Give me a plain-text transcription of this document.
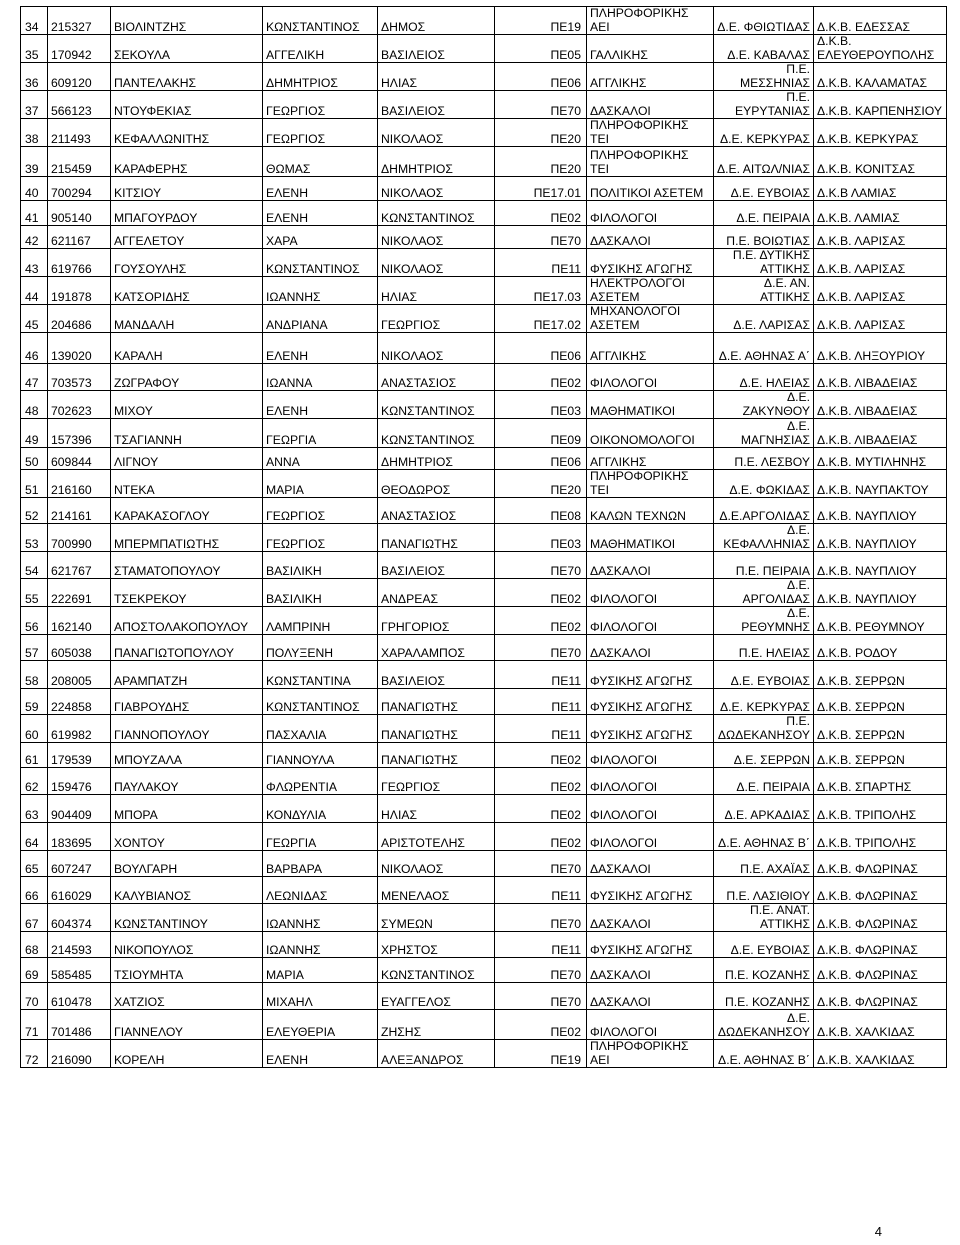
34	215327	ΒΙΟΛΙΝΤΖΗΣ	ΚΩΝΣΤΑΝΤΙΝΟΣ	ΔΗΜΟΣ	ΠΕ19	ΠΛΗΡΟΦΟΡΙΚΗΣ ΑΕΙ	Δ.Ε. ΦΘΙΩΤΙΔΑΣ	Δ.Κ.Β. ΕΔΕΣΣΑΣ
35	170942	ΣΕΚΟΥΛΑ	ΑΓΓΕΛΙΚΗ	ΒΑΣΙΛΕΙΟΣ	ΠΕ05	ΓΑΛΛΙΚΗΣ	Δ.Ε. ΚΑΒΑΛΑΣ	Δ.Κ.Β. ΕΛΕΥΘΕΡΟΥΠΟΛΗΣ
36	609120	ΠΑΝΤΕΛΑΚΗΣ	ΔΗΜΗΤΡΙΟΣ	ΗΛΙΑΣ	ΠΕ06	ΑΓΓΛΙΚΗΣ	Π.Ε. ΜΕΣΣΗΝΙΑΣ	Δ.Κ.Β. ΚΑΛΑΜΑΤΑΣ
37	566123	ΝΤΟΥΦΕΚΙΑΣ	ΓΕΩΡΓΙΟΣ	ΒΑΣΙΛΕΙΟΣ	ΠΕ70	ΔΑΣΚΑΛΟΙ	Π.Ε. ΕΥΡΥΤΑΝΙΑΣ	Δ.Κ.Β. ΚΑΡΠΕΝΗΣΙΟΥ
38	211493	ΚΕΦΑΛΛΩΝΙΤΗΣ	ΓΕΩΡΓΙΟΣ	ΝΙΚΟΛΑΟΣ	ΠΕ20	ΠΛΗΡΟΦΟΡΙΚΗΣ ΤΕΙ	Δ.Ε. ΚΕΡΚΥΡΑΣ	Δ.Κ.Β. ΚΕΡΚΥΡΑΣ
39	215459	ΚΑΡΑΦΕΡΗΣ	ΘΩΜΑΣ	ΔΗΜΗΤΡΙΟΣ	ΠΕ20	ΠΛΗΡΟΦΟΡΙΚΗΣ ΤΕΙ	Δ.Ε. ΑΙΤΩΛ/ΝΙΑΣ	Δ.Κ.Β. ΚΟΝΙΤΣΑΣ
40	700294	ΚΙΤΣΙΟΥ	ΕΛΕΝΗ	ΝΙΚΟΛΑΟΣ	ΠΕ17.01	ΠΟΛΙΤΙΚΟΙ ΑΣΕΤΕΜ	Δ.Ε. ΕΥΒΟΙΑΣ	Δ.Κ.Β ΛΑΜΙΑΣ
41	905140	ΜΠΑΓΟΥΡΔΟΥ	ΕΛΕΝΗ	ΚΩΝΣΤΑΝΤΙΝΟΣ	ΠΕ02	ΦΙΛΟΛΟΓΟΙ	Δ.Ε. ΠΕΙΡΑΙΑ	Δ.Κ.Β. ΛΑΜΙΑΣ
42	621167	ΑΓΓΕΛΕΤΟΥ	ΧΑΡΑ	ΝΙΚΟΛΑΟΣ	ΠΕ70	ΔΑΣΚΑΛΟΙ	Π.Ε. ΒΟΙΩΤΙΑΣ	Δ.Κ.Β. ΛΑΡΙΣΑΣ
43	619766	ΓΟΥΣΟΥΛΗΣ	ΚΩΝΣΤΑΝΤΙΝΟΣ	ΝΙΚΟΛΑΟΣ	ΠΕ11	ΦΥΣΙΚΗΣ ΑΓΩΓΗΣ	Π.Ε. ΔΥΤΙΚΗΣ ΑΤΤΙΚΗΣ	Δ.Κ.Β. ΛΑΡΙΣΑΣ
44	191878	ΚΑΤΣΟΡΙΔΗΣ	ΙΩΑΝΝΗΣ	ΗΛΙΑΣ	ΠΕ17.03	ΗΛΕΚΤΡΟΛΟΓΟΙ ΑΣΕΤΕΜ	Δ.Ε. ΑΝ. ΑΤΤΙΚΗΣ	Δ.Κ.Β. ΛΑΡΙΣΑΣ
45	204686	ΜΑΝΔΑΛΗ	ΑΝΔΡΙΑΝΑ	ΓΕΩΡΓΙΟΣ	ΠΕ17.02	ΜΗΧΑΝΟΛΟΓΟΙ ΑΣΕΤΕΜ	Δ.Ε. ΛΑΡΙΣΑΣ	Δ.Κ.Β. ΛΑΡΙΣΑΣ
46	139020	ΚΑΡΑΛΗ	ΕΛΕΝΗ	ΝΙΚΟΛΑΟΣ	ΠΕ06	ΑΓΓΛΙΚΗΣ	Δ.Ε. ΑΘΗΝΑΣ Α΄	Δ.Κ.Β. ΛΗΞΟΥΡΙΟΥ
47	703573	ΖΩΓΡΑΦΟΥ	ΙΩΑΝΝΑ	ΑΝΑΣΤΑΣΙΟΣ	ΠΕ02	ΦΙΛΟΛΟΓΟΙ	Δ.Ε. ΗΛΕΙΑΣ	Δ.Κ.Β. ΛΙΒΑΔΕΙΑΣ
48	702623	ΜΙΧΟΥ	ΕΛΕΝΗ	ΚΩΝΣΤΑΝΤΙΝΟΣ	ΠΕ03	ΜΑΘΗΜΑΤΙΚΟΙ	Δ.Ε. ΖΑΚΥΝΘΟΥ	Δ.Κ.Β. ΛΙΒΑΔΕΙΑΣ
49	157396	ΤΣΑΓΙΑΝΝΗ	ΓΕΩΡΓΙΑ	ΚΩΝΣΤΑΝΤΙΝΟΣ	ΠΕ09	ΟΙΚΟΝΟΜΟΛΟΓΟΙ	Δ.Ε. ΜΑΓΝΗΣΙΑΣ	Δ.Κ.Β. ΛΙΒΑΔΕΙΑΣ
50	609844	ΛΙΓΝΟΥ	ΑΝΝΑ	ΔΗΜΗΤΡΙΟΣ	ΠΕ06	ΑΓΓΛΙΚΗΣ	Π.Ε. ΛΕΣΒΟΥ	Δ.Κ.Β. ΜΥΤΙΛΗΝΗΣ
51	216160	ΝΤΕΚΑ	ΜΑΡΙΑ	ΘΕΟΔΩΡΟΣ	ΠΕ20	ΠΛΗΡΟΦΟΡΙΚΗΣ ΤΕΙ	Δ.Ε. ΦΩΚΙΔΑΣ	Δ.Κ.Β. ΝΑΥΠΑΚΤΟΥ
52	214161	ΚΑΡΑΚΑΣΟΓΛΟΥ	ΓΕΩΡΓΙΟΣ	ΑΝΑΣΤΑΣΙΟΣ	ΠΕ08	ΚΑΛΩΝ ΤΕΧΝΩΝ	Δ.Ε.ΑΡΓΟΛΙΔΑΣ	Δ.Κ.Β. ΝΑΥΠΛΙΟΥ
53	700990	ΜΠΕΡΜΠΑΤΙΩΤΗΣ	ΓΕΩΡΓΙΟΣ	ΠΑΝΑΓΙΩΤΗΣ	ΠΕ03	ΜΑΘΗΜΑΤΙΚΟΙ	Δ.Ε. ΚΕΦΑΛΛΗΝΙΑΣ	Δ.Κ.Β. ΝΑΥΠΛΙΟΥ
54	621767	ΣΤΑΜΑΤΟΠΟΥΛΟΥ	ΒΑΣΙΛΙΚΗ	ΒΑΣΙΛΕΙΟΣ	ΠΕ70	ΔΑΣΚΑΛΟΙ	Π.Ε. ΠΕΙΡΑΙΑ	Δ.Κ.Β. ΝΑΥΠΛΙΟΥ
55	222691	ΤΣΕΚΡΕΚΟΥ	ΒΑΣΙΛΙΚΗ	ΑΝΔΡΕΑΣ	ΠΕ02	ΦΙΛΟΛΟΓΟΙ	Δ.Ε. ΑΡΓΟΛΙΔΑΣ	Δ.Κ.Β. ΝΑΥΠΛΙΟΥ
56	162140	ΑΠΟΣΤΟΛΑΚΟΠΟΥΛΟΥ	ΛΑΜΠΡΙΝΗ	ΓΡΗΓΟΡΙΟΣ	ΠΕ02	ΦΙΛΟΛΟΓΟΙ	Δ.Ε. ΡΕΘΥΜΝΗΣ	Δ.Κ.Β. ΡΕΘΥΜΝΟΥ
57	605038	ΠΑΝΑΓΙΩΤΟΠΟΥΛΟΥ	ΠΟΛΥΞΕΝΗ	ΧΑΡΑΛΑΜΠΟΣ	ΠΕ70	ΔΑΣΚΑΛΟΙ	Π.Ε. ΗΛΕΙΑΣ	Δ.Κ.Β. ΡΟΔΟΥ
58	208005	ΑΡΑΜΠΑΤΖΗ	ΚΩΝΣΤΑΝΤΙΝΑ	ΒΑΣΙΛΕΙΟΣ	ΠΕ11	ΦΥΣΙΚΗΣ ΑΓΩΓΗΣ	Δ.Ε. ΕΥΒΟΙΑΣ	Δ.Κ.Β. ΣΕΡΡΩΝ
59	224858	ΓΙΑΒΡΟΥΔΗΣ	ΚΩΝΣΤΑΝΤΙΝΟΣ	ΠΑΝΑΓΙΩΤΗΣ	ΠΕ11	ΦΥΣΙΚΗΣ ΑΓΩΓΗΣ	Δ.Ε. ΚΕΡΚΥΡΑΣ	Δ.Κ.Β. ΣΕΡΡΩΝ
60	619982	ΓΙΑΝΝΟΠΟΥΛΟΥ	ΠΑΣΧΑΛΙΑ	ΠΑΝΑΓΙΩΤΗΣ	ΠΕ11	ΦΥΣΙΚΗΣ ΑΓΩΓΗΣ	Π.Ε. ΔΩΔΕΚΑΝΗΣΟΥ	Δ.Κ.Β. ΣΕΡΡΩΝ
61	179539	ΜΠΟΥΖΑΛΑ	ΓΙΑΝΝΟΥΛΑ	ΠΑΝΑΓΙΩΤΗΣ	ΠΕ02	ΦΙΛΟΛΟΓΟΙ	Δ.Ε. ΣΕΡΡΩΝ	Δ.Κ.Β. ΣΕΡΡΩΝ
62	159476	ΠΑΥΛΑΚΟΥ	ΦΛΩΡΕΝΤΙΑ	ΓΕΩΡΓΙΟΣ	ΠΕ02	ΦΙΛΟΛΟΓΟΙ	Δ.Ε. ΠΕΙΡΑΙΑ	Δ.Κ.Β. ΣΠΑΡΤΗΣ
63	904409	ΜΠΟΡΑ	ΚΟΝΔΥΛΙΑ	ΗΛΙΑΣ	ΠΕ02	ΦΙΛΟΛΟΓΟΙ	Δ.Ε. ΑΡΚΑΔΙΑΣ	Δ.Κ.Β. ΤΡΙΠΟΛΗΣ
64	183695	ΧΟΝΤΟΥ	ΓΕΩΡΓΙΑ	ΑΡΙΣΤΟΤΕΛΗΣ	ΠΕ02	ΦΙΛΟΛΟΓΟΙ	Δ.Ε. ΑΘΗΝΑΣ Β΄	Δ.Κ.Β. ΤΡΙΠΟΛΗΣ
65	607247	ΒΟΥΛΓΑΡΗ	ΒΑΡΒΑΡΑ	ΝΙΚΟΛΑΟΣ	ΠΕ70	ΔΑΣΚΑΛΟΙ	Π.Ε. ΑΧΑΪΑΣ	Δ.Κ.Β. ΦΛΩΡΙΝΑΣ
66	616029	ΚΑΛΥΒΙΑΝΟΣ	ΛΕΩΝΙΔΑΣ	ΜΕΝΕΛΑΟΣ	ΠΕ11	ΦΥΣΙΚΗΣ ΑΓΩΓΗΣ	Π.Ε. ΛΑΣΙΘΙΟΥ	Δ.Κ.Β. ΦΛΩΡΙΝΑΣ
67	604374	ΚΩΝΣΤΑΝΤΙΝΟΥ	ΙΩΑΝΝΗΣ	ΣΥΜΕΩΝ	ΠΕ70	ΔΑΣΚΑΛΟΙ	Π.Ε. ΑΝΑΤ. ΑΤΤΙΚΗΣ	Δ.Κ.Β. ΦΛΩΡΙΝΑΣ
68	214593	ΝΙΚΟΠΟΥΛΟΣ	ΙΩΑΝΝΗΣ	ΧΡΗΣΤΟΣ	ΠΕ11	ΦΥΣΙΚΗΣ ΑΓΩΓΗΣ	Δ.Ε. ΕΥΒΟΙΑΣ	Δ.Κ.Β. ΦΛΩΡΙΝΑΣ
69	585485	ΤΣΙΟΥΜΗΤΑ	ΜΑΡΙΑ	ΚΩΝΣΤΑΝΤΙΝΟΣ	ΠΕ70	ΔΑΣΚΑΛΟΙ	Π.Ε. ΚΟΖΑΝΗΣ	Δ.Κ.Β. ΦΛΩΡΙΝΑΣ
70	610478	ΧΑΤΖΙΟΣ	ΜΙΧΑΗΛ	ΕΥΑΓΓΕΛΟΣ	ΠΕ70	ΔΑΣΚΑΛΟΙ	Π.Ε. ΚΟΖΑΝΗΣ	Δ.Κ.Β. ΦΛΩΡΙΝΑΣ
71	701486	ΓΙΑΝΝΕΛΟΥ	ΕΛΕΥΘΕΡΙΑ	ΖΗΣΗΣ	ΠΕ02	ΦΙΛΟΛΟΓΟΙ	Δ.Ε. ΔΩΔΕΚΑΝΗΣΟΥ	Δ.Κ.Β. ΧΑΛΚΙΔΑΣ
72	216090	ΚΟΡΕΛΗ	ΕΛΕΝΗ	ΑΛΕΞΑΝΔΡΟΣ	ΠΕ19	ΠΛΗΡΟΦΟΡΙΚΗΣ ΑΕΙ	Δ.Ε. ΑΘΗΝΑΣ Β΄	Δ.Κ.Β. ΧΑΛΚΙΔΑΣ
4
